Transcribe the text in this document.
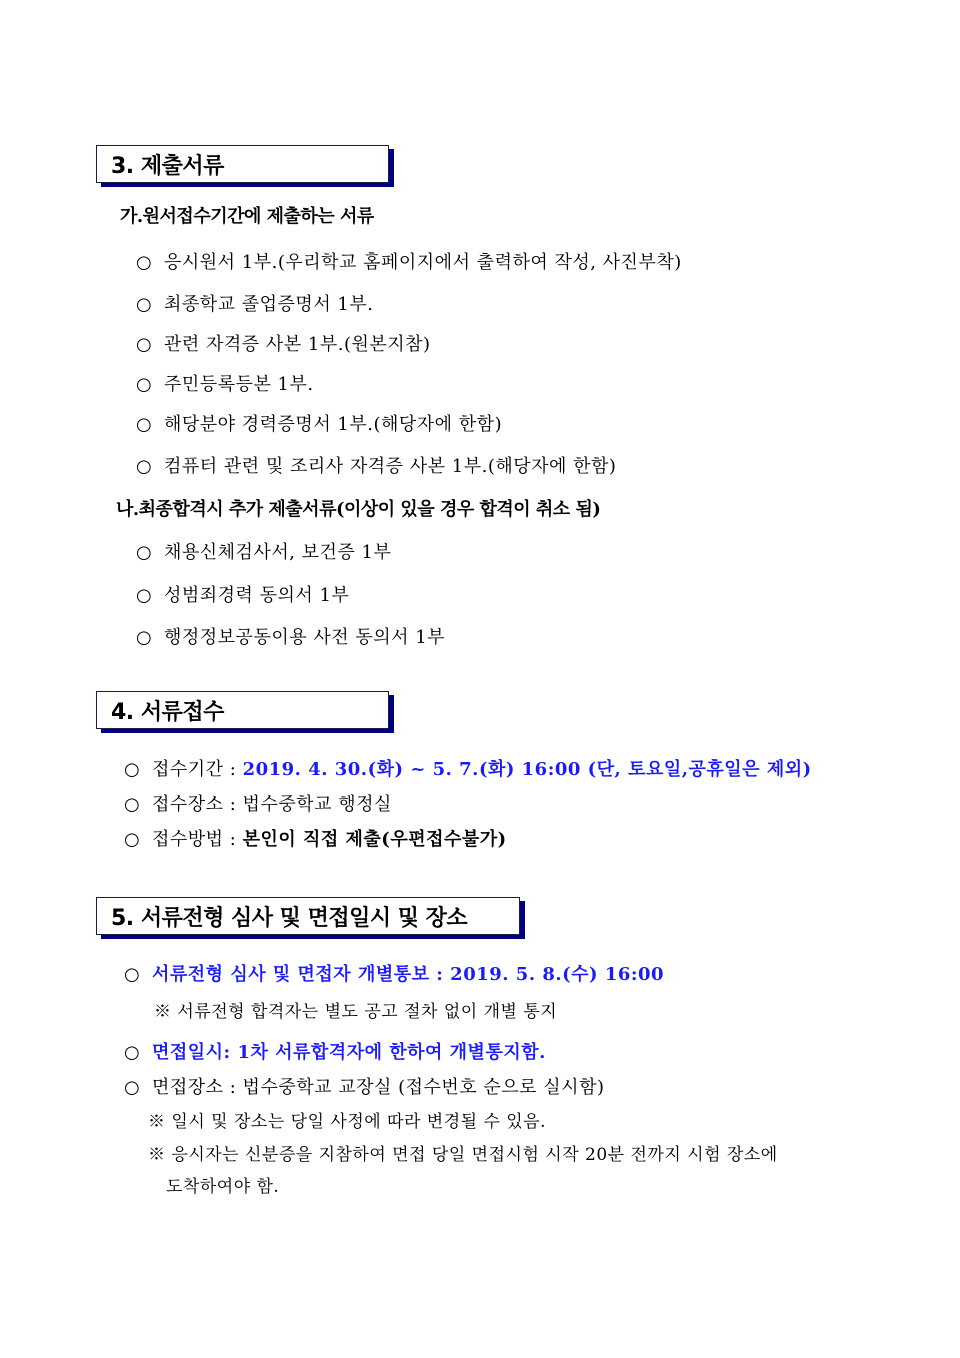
3. 제출서류
가.원서접수기간에 제출하는 서류
○ 응시원서 1부.(우리학교 홈페이지에서 출력하여 작성, 사진부착)
○ 최종학교 졸업증명서 1부.
○ 관련 자격증 사본 1부.(원본지참)
○ 주민등록등본 1부.
○ 해당분야 경력증명서 1부.(해당자에 한함)
○ 컴퓨터 관련 및 조리사 자격증 사본 1부.(해당자에 한함)
나.최종합격시 추가 제출서류(이상이 있을 경우 합격이 취소 됨)
○ 채용신체검사서, 보건증 1부
○ 성범죄경력 동의서 1부
○ 행정정보공동이용 사전 동의서 1부
4. 서류접수
○ 접수기간 : 2019. 4. 30.(화) ~ 5. 7.(화) 16:00 (단, 토요일,공휴일은 제외)
○ 접수장소 : 법수중학교 행정실
○ 접수방법 : 본인이 직접 제출(우편접수불가)
5. 서류전형 심사 및 면접일시 및 장소
○ 서류전형 심사 및 면접자 개별통보 : 2019. 5. 8.(수) 16:00
※ 서류전형 합격자는 별도 공고 절차 없이 개별 통지
○ 면접일시: 1차 서류합격자에 한하여 개별통지함.
○ 면접장소 : 법수중학교 교장실 (접수번호 순으로 실시함)
※ 일시 및 장소는 당일 사정에 따라 변경될 수 있음.
※ 응시자는 신분증을 지참하여 면접 당일 면접시험 시작 20분 전까지 시험 장소에
도착하여야 함.
